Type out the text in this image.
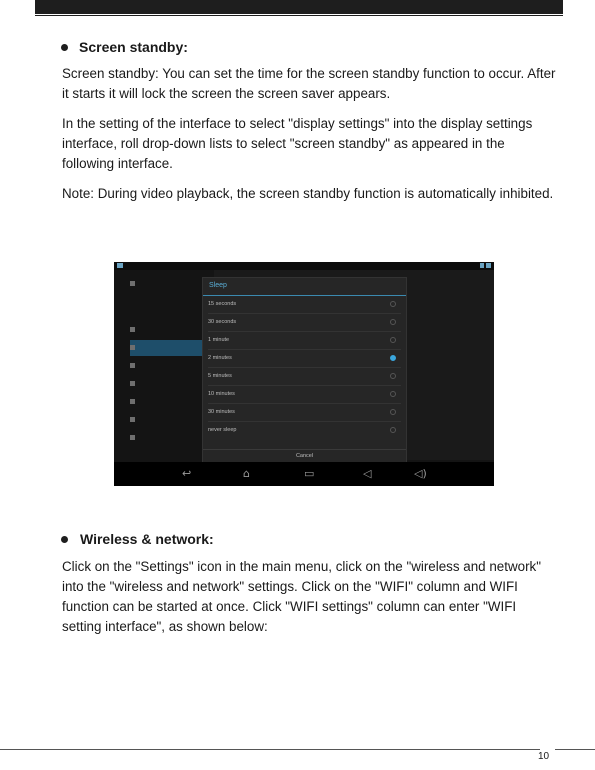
Screen standby:
Screen standby: You can set the time for the screen standby function to occur. After it starts it will lock the screen the screen saver appears.
In the setting of the interface to select "display settings" into the display settings interface, roll drop-down lists to select "screen standby" as appeared in the following interface.
Note: During video playback, the screen standby function is automatically inhibited.
Sleep
15 seconds
30 seconds
1 minute
2 minutes
5 minutes
10 minutes
30 minutes
never sleep
Cancel
↩	⌂	▭	◁	◁)
Wireless & network:
Click on the "Settings" icon in the main menu, click on the "wireless and network" into the "wireless and network" settings. Click on the "WIFI" column and WIFI function can be started at once. Click "WIFI settings" column can enter "WIFI setting interface", as shown below:
10
